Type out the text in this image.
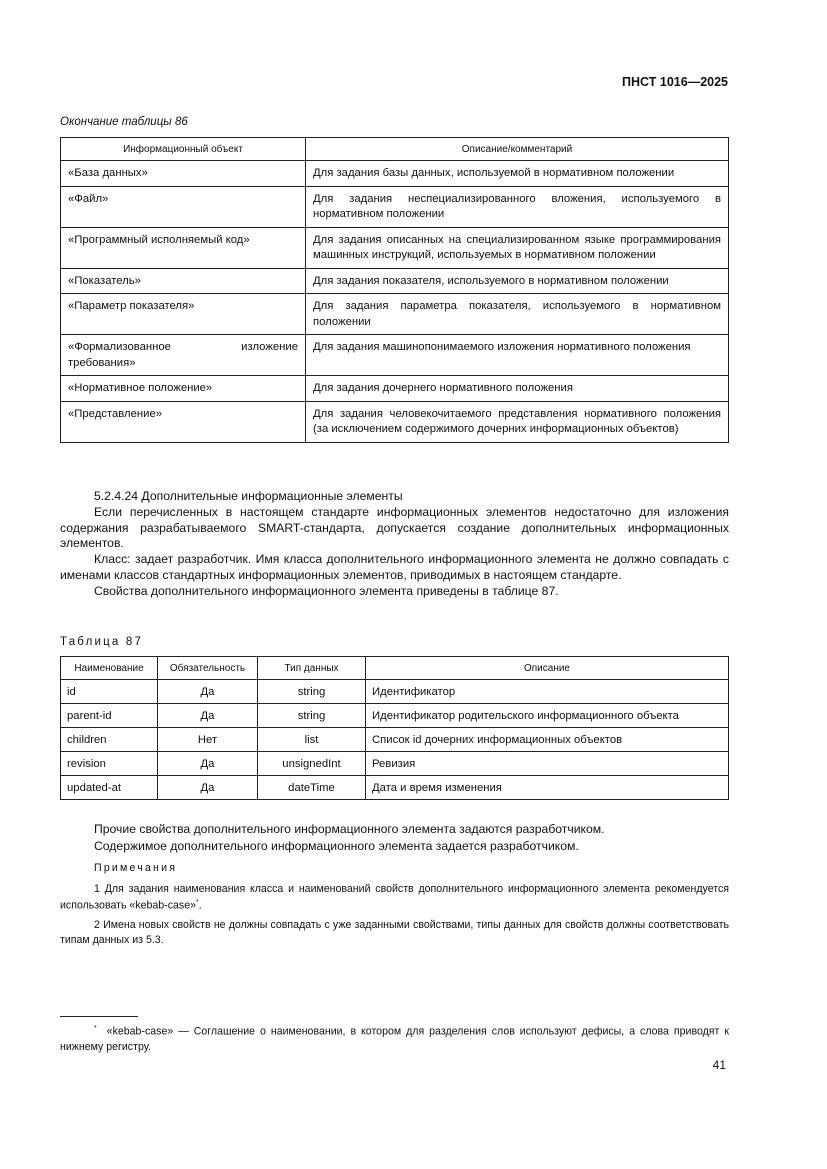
ПНСТ 1016—2025
Окончание таблицы 86
Информационный объект	Описание/комментарий
«База данных»	Для задания базы данных, используемой в нормативном положении
«Файл»	Для задания неспециализированного вложения, используемого в нормативном положении
«Программный исполняемый код»	Для задания описанных на специализированном языке программирования машинных инструкций, используемых в нормативном положении
«Показатель»	Для задания показателя, используемого в нормативном положении
«Параметр показателя»	Для задания параметра показателя, используемого в нормативном положении
«Формализованное изложение требования»	Для задания машинопонимаемого изложения нормативного положения
«Нормативное положение»	Для задания дочернего нормативного положения
«Представление»	Для задания человекочитаемого представления нормативного положения (за исключением содержимого дочерних информационных объектов)

5.2.4.24 Дополнительные информационные элементы

Если перечисленных в настоящем стандарте информационных элементов недостаточно для изложения содержания разрабатываемого SMART-стандарта, допускается создание дополнительных информационных элементов.

Класс: задает разработчик. Имя класса дополнительного информационного элемента не должно совпадать с именами классов стандартных информационных элементов, приводимых в настоящем стандарте.

Свойства дополнительного информационного элемента приведены в таблице 87.

Таблица 87
Наименование	Обязательность	Тип данных	Описание
id	Да	string	Идентификатор
parent-id	Да	string	Идентификатор родительского информационного объекта
children	Нет	list	Список id дочерних информационных объектов
revision	Да	unsignedInt	Ревизия
updated-at	Да	dateTime	Дата и время изменения

Прочие свойства дополнительного информационного элемента задаются разработчиком.

Содержимое дополнительного информационного элемента задается разработчиком.

Примечания

1 Для задания наименования класса и наименований свойств дополнительного информационного элемента рекомендуется использовать «kebab-case»*.

2 Имена новых свойств не должны совпадать с уже заданными свойствами, типы данных для свойств должны соответствовать типам данных из 5.3.

* «kebab-case» — Соглашение о наименовании, в котором для разделения слов используют дефисы, а слова приводят к нижнему регистру.

41
